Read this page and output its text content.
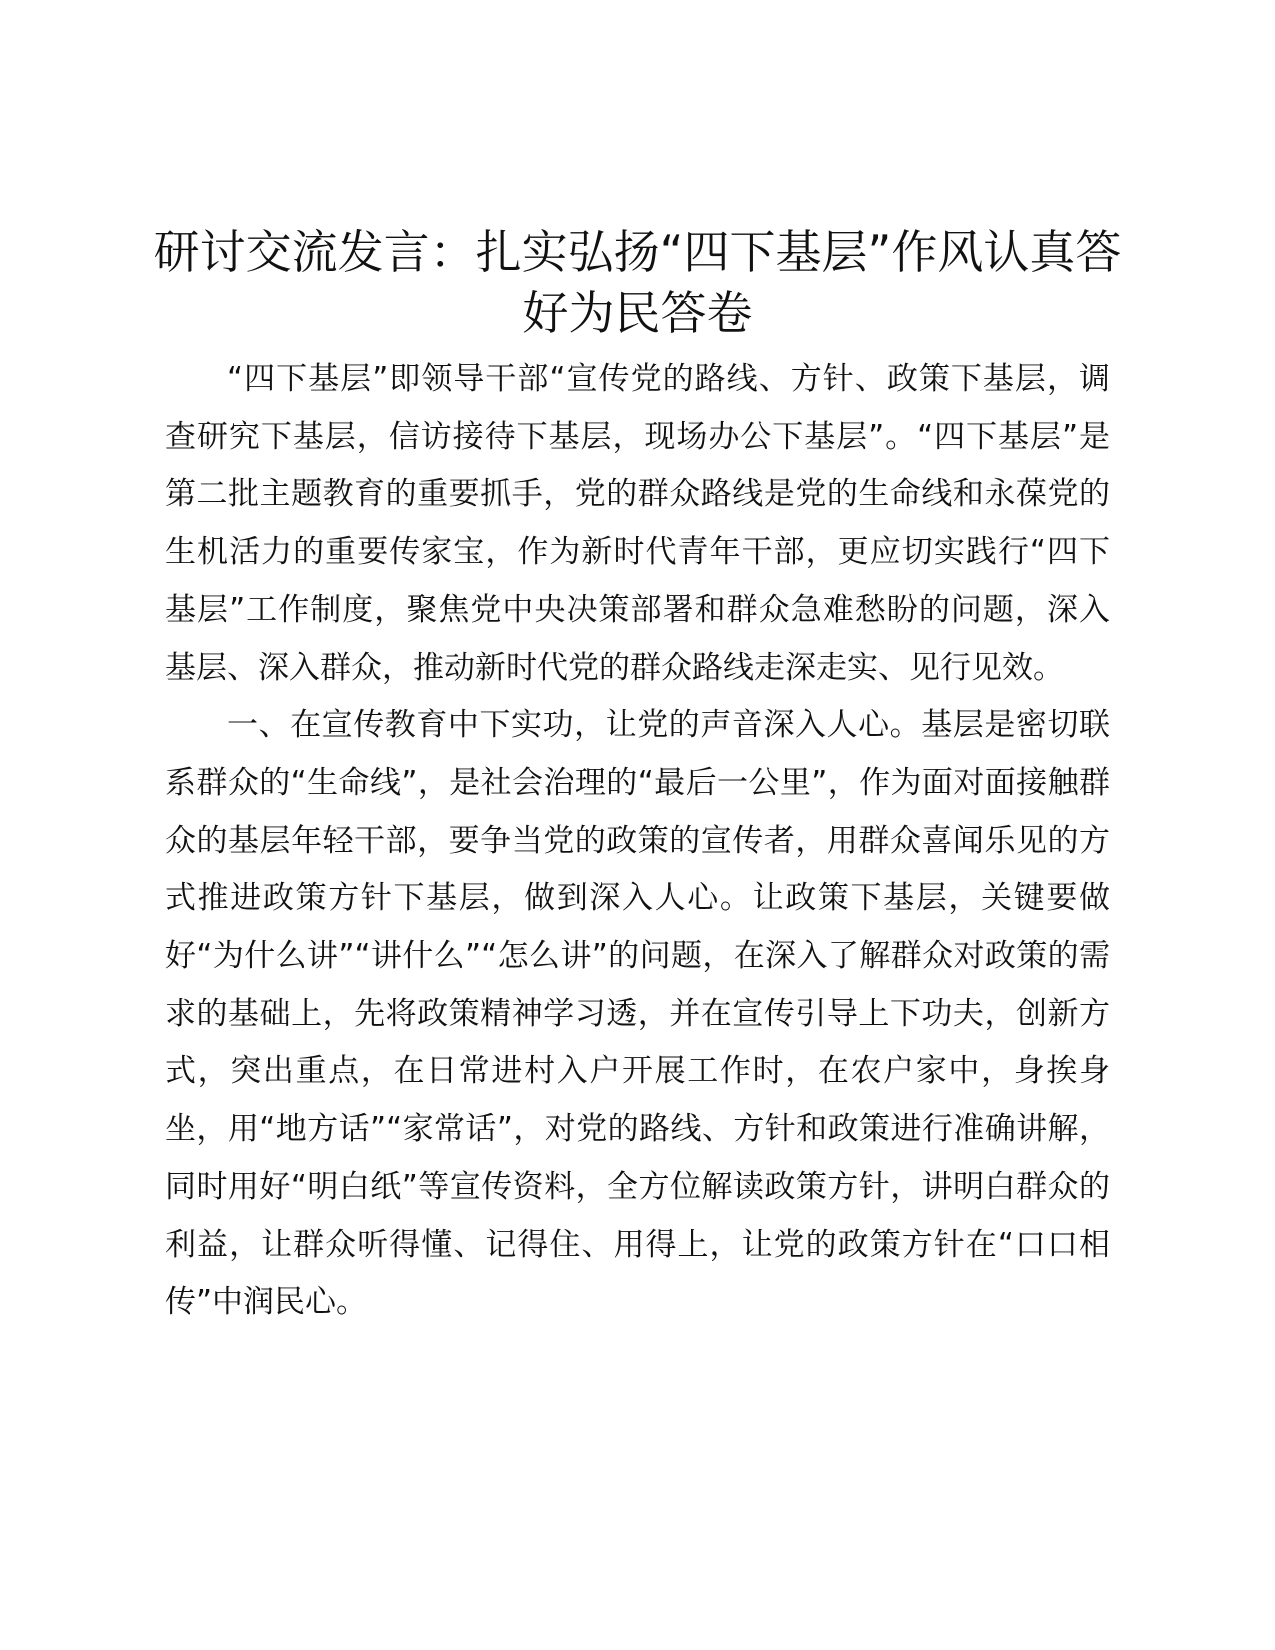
研讨交流发言：扎实弘扬“四下基层”作风认真答好为民答卷

“四下基层”即领导干部“宣传党的路线、方针、政策下基层，调查研究下基层，信访接待下基层，现场办公下基层”。“四下基层”是第二批主题教育的重要抓手，党的群众路线是党的生命线和永葆党的生机活力的重要传家宝，作为新时代青年干部，更应切实践行“四下基层”工作制度，聚焦党中央决策部署和群众急难愁盼的问题，深入基层、深入群众，推动新时代党的群众路线走深走实、见行见效。

一、在宣传教育中下实功，让党的声音深入人心。基层是密切联系群众的“生命线”，是社会治理的“最后一公里”，作为面对面接触群众的基层年轻干部，要争当党的政策的宣传者，用群众喜闻乐见的方式推进政策方针下基层，做到深入人心。让政策下基层，关键要做好“为什么讲”“讲什么”“怎么讲”的问题，在深入了解群众对政策的需求的基础上，先将政策精神学习透，并在宣传引导上下功夫，创新方式，突出重点，在日常进村入户开展工作时，在农户家中，身挨身坐，用“地方话”“家常话”，对党的路线、方针和政策进行准确讲解，同时用好“明白纸”等宣传资料，全方位解读政策方针，讲明白群众的利益，让群众听得懂、记得住、用得上，让党的政策方针在“口口相传”中润民心。
